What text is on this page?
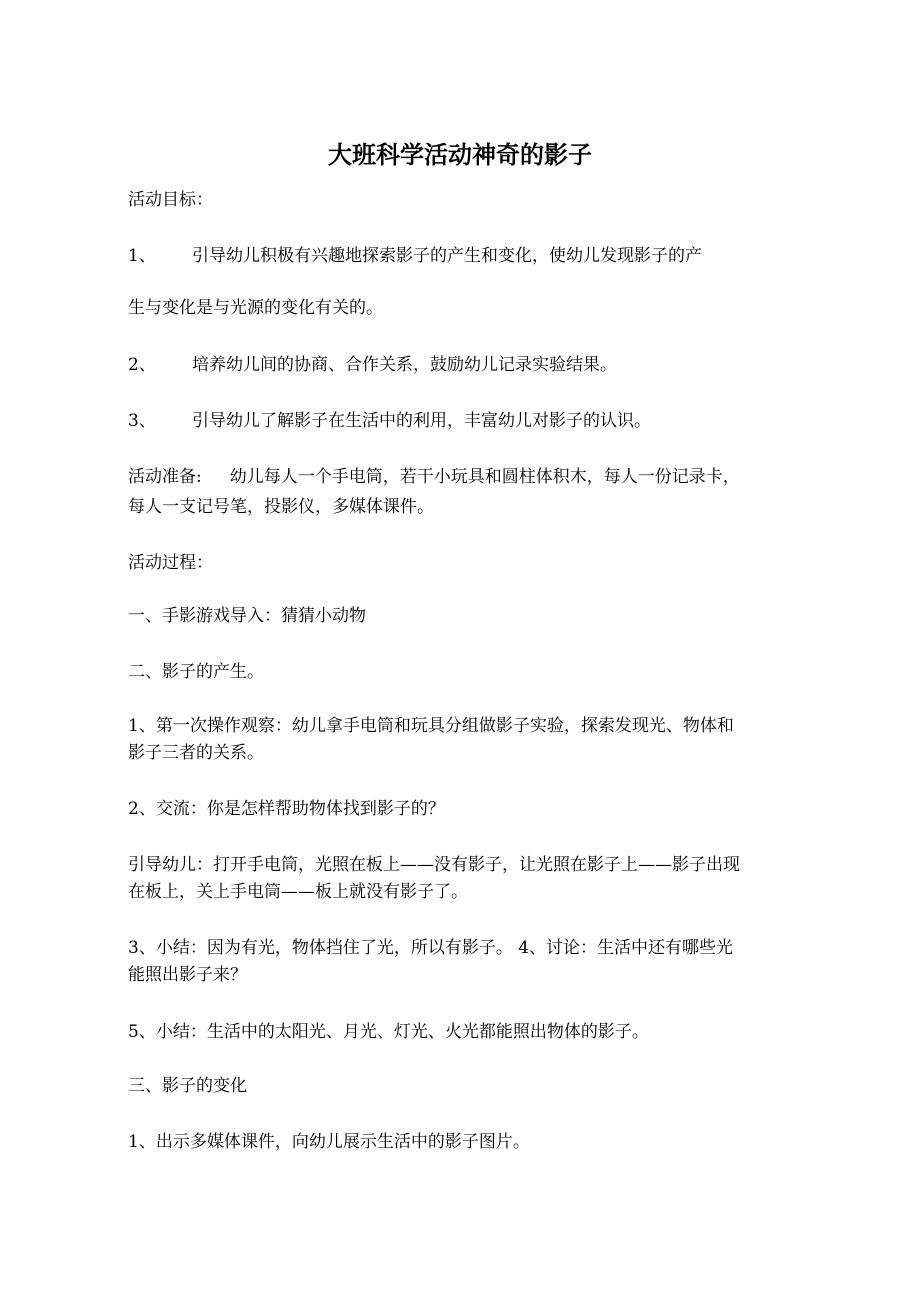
大班科学活动神奇的影子
活动目标：
1、 引导幼儿积极有兴趣地探索影子的产生和变化，使幼儿发现影子的产
生与变化是与光源的变化有关的。
2、 培养幼儿间的协商、合作关系，鼓励幼儿记录实验结果。
3、 引导幼儿了解影子在生活中的利用，丰富幼儿对影子的认识。
活动准备: 幼儿每人一个手电筒，若干小玩具和圆柱体积木，每人一份记录卡，
每人一支记号笔，投影仪，多媒体课件。
活动过程：
一、手影游戏导入：猜猜小动物
二、影子的产生。
1、第一次操作观察：幼儿拿手电筒和玩具分组做影子实验，探索发现光、物体和
影子三者的关系。
2、交流：你是怎样帮助物体找到影子的？
引导幼儿：打开手电筒，光照在板上——没有影子，让光照在影子上——影子出现
在板上，关上手电筒——板上就没有影子了。
3、小结：因为有光，物体挡住了光，所以有影子。 4、讨论：生活中还有哪些光
能照出影子来？
5、小结：生活中的太阳光、月光、灯光、火光都能照出物体的影子。
三、影子的变化
1、出示多媒体课件，向幼儿展示生活中的影子图片。
